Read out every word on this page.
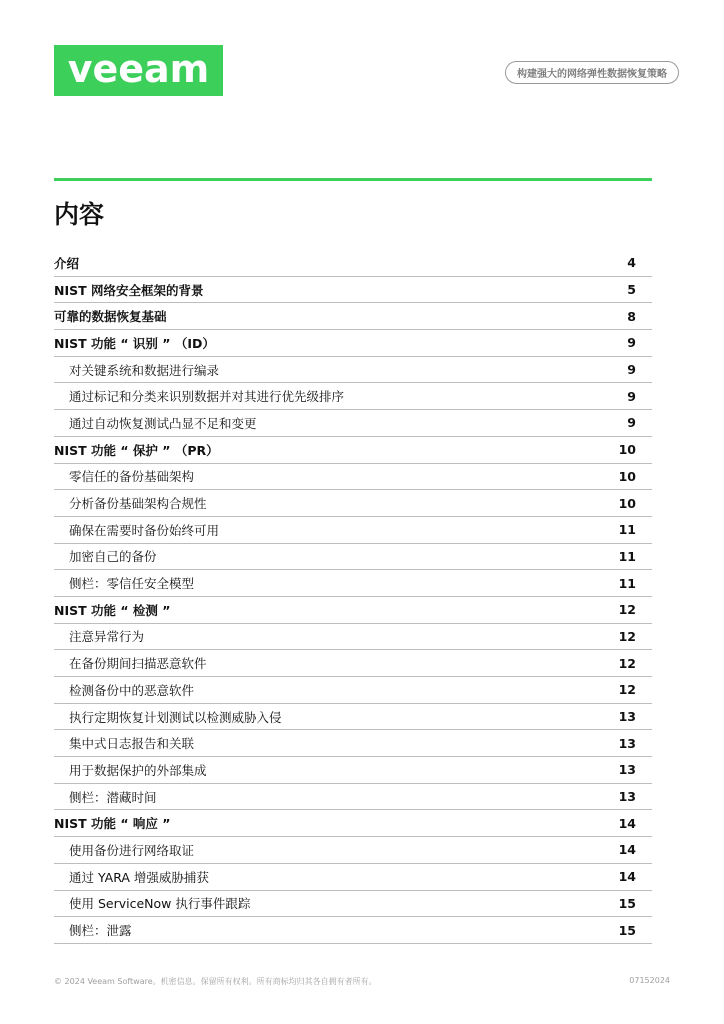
veeam	构建强大的网络弹性数据恢复策略
内容
介绍	4
NIST 网络安全框架的背景	5
可靠的数据恢复基础	8
NIST 功能 “ 识别 ” （ID）	9
对关键系统和数据进行编录	9
通过标记和分类来识别数据并对其进行优先级排序	9
通过自动恢复测试凸显不足和变更	9
NIST 功能 “ 保护 ” （PR）	10
零信任的备份基础架构	10
分析备份基础架构合规性	10
确保在需要时备份始终可用	11
加密自己的备份	11
侧栏：零信任安全模型	11
NIST 功能 “ 检测 ”	12
注意异常行为	12
在备份期间扫描恶意软件	12
检测备份中的恶意软件	12
执行定期恢复计划测试以检测威胁入侵	13
集中式日志报告和关联	13
用于数据保护的外部集成	13
侧栏：潜藏时间	13
NIST 功能 “ 响应 ”	14
使用备份进行网络取证	14
通过 YARA 增强威胁捕获	14
使用 ServiceNow 执行事件跟踪	15
侧栏：泄露	15
© 2024 Veeam Software。机密信息。保留所有权利。所有商标均归其各自拥有者所有。	07152024
